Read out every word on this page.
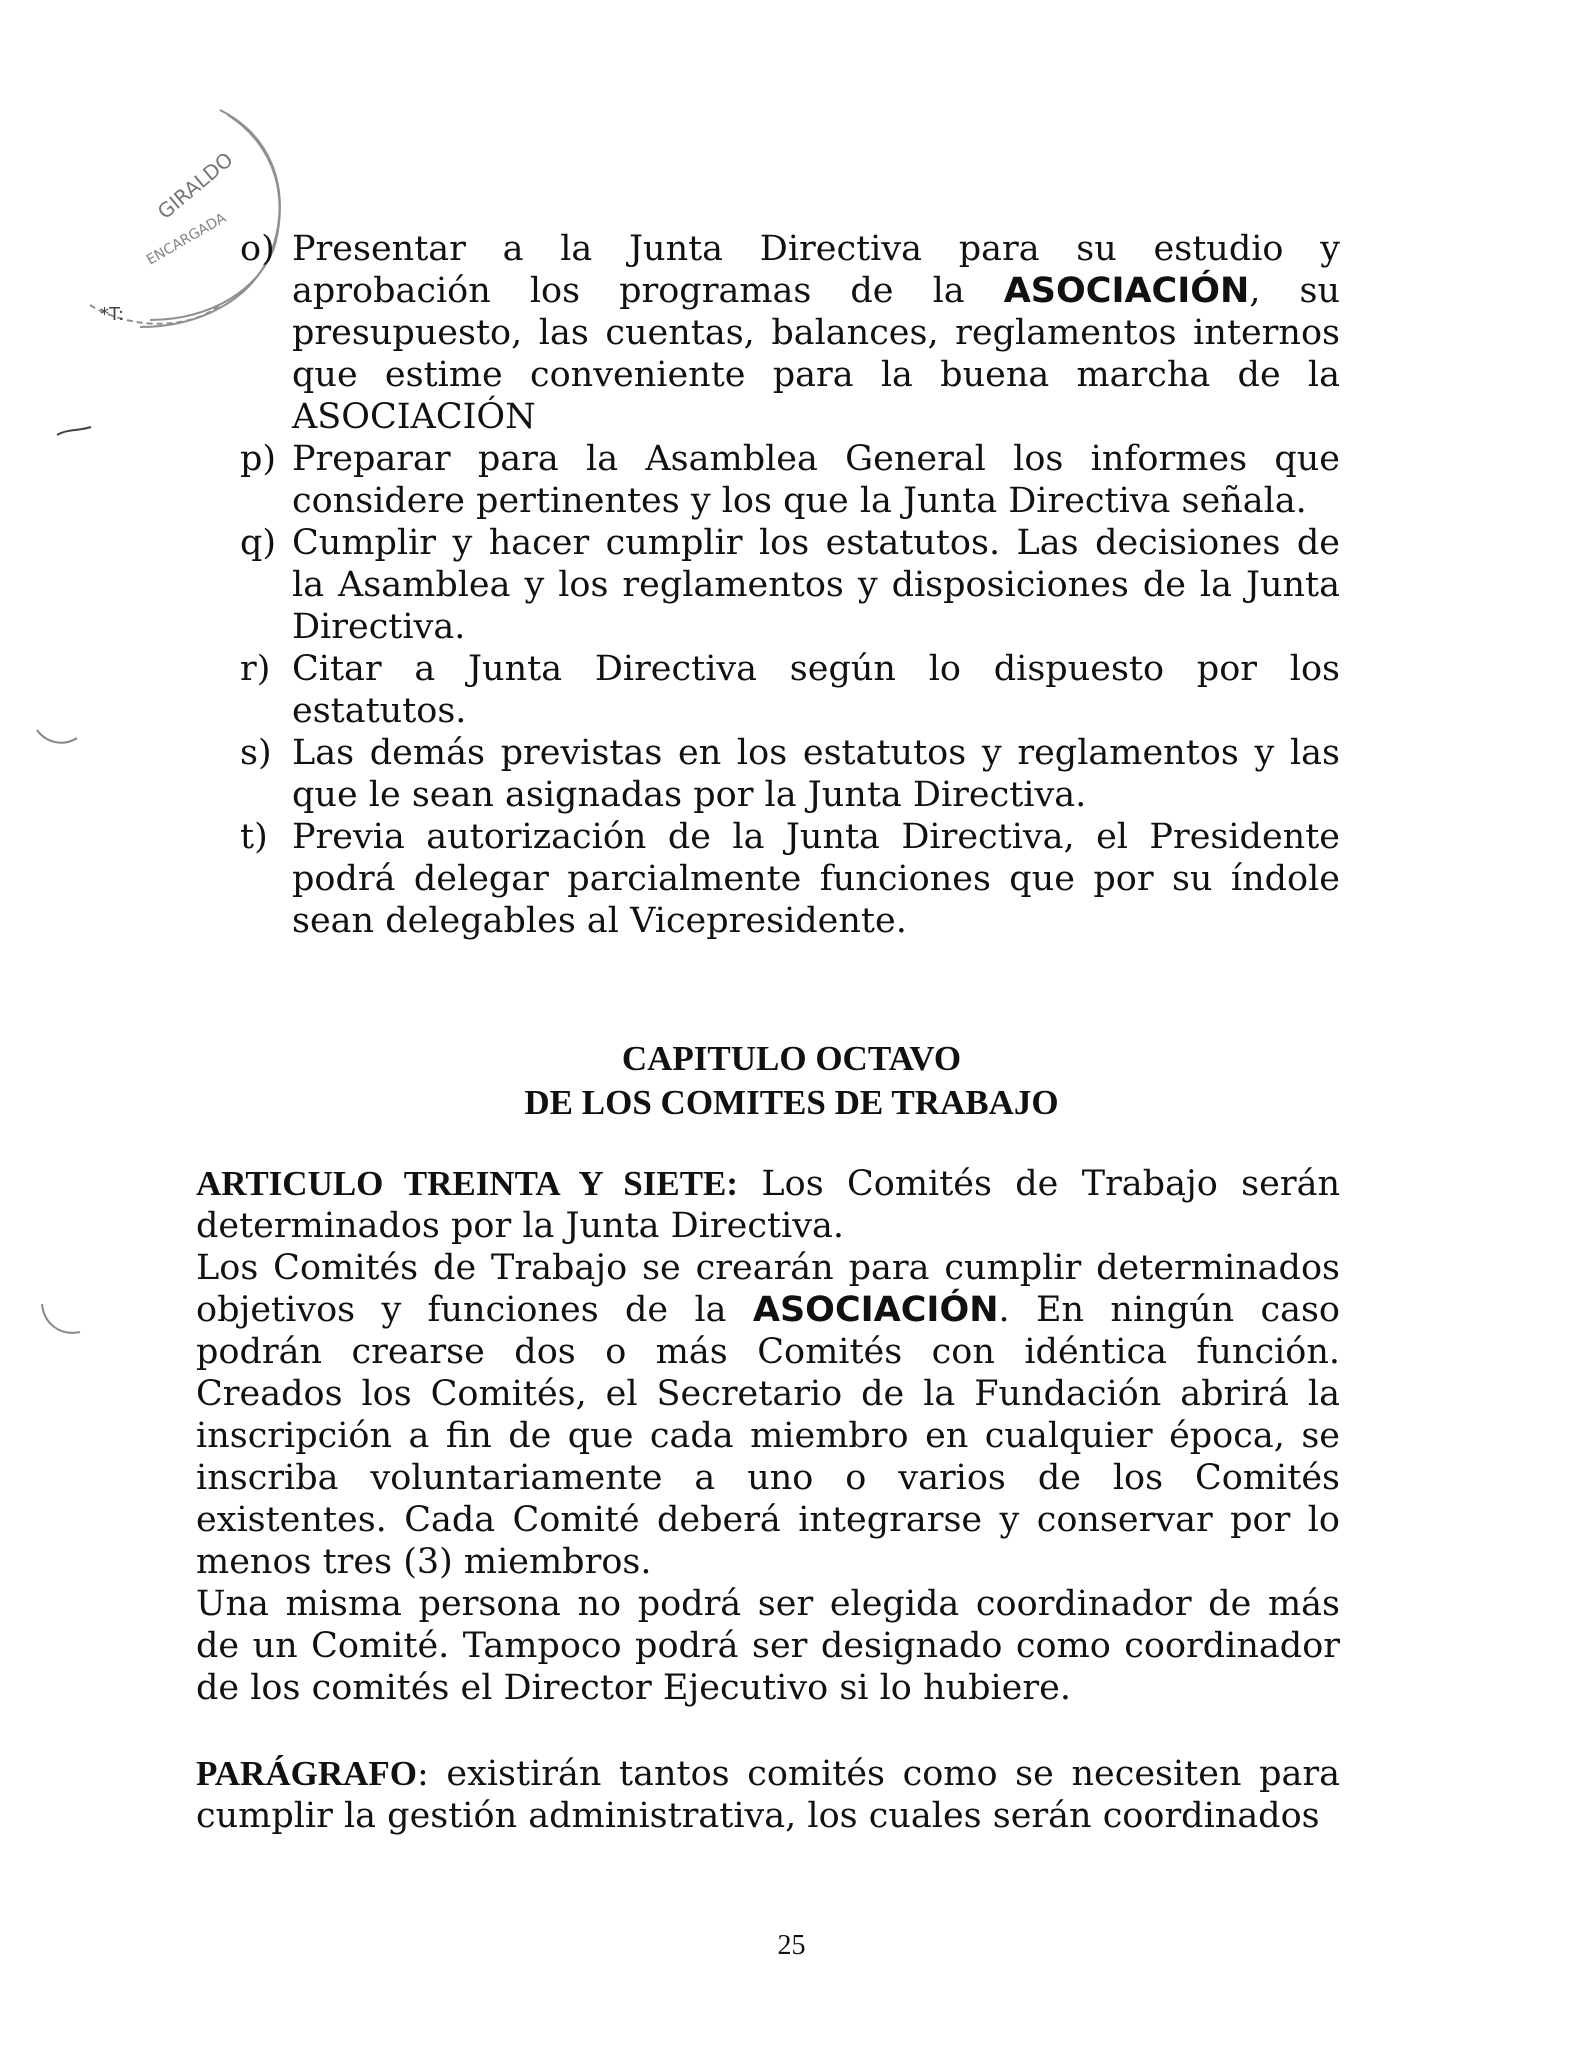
GIRALDO
ENCARGADA
*T:
o) Presentar a la Junta Directiva para su estudio y aprobación los programas de la ASOCIACIÓN, su presupuesto, las cuentas, balances, reglamentos internos que estime conveniente para la buena marcha de la ASOCIACIÓN
p) Preparar para la Asamblea General los informes que considere pertinentes y los que la Junta Directiva señala.
q) Cumplir y hacer cumplir los estatutos. Las decisiones de la Asamblea y los reglamentos y disposiciones de la Junta Directiva.
r) Citar a Junta Directiva según lo dispuesto por los estatutos.
s) Las demás previstas en los estatutos y reglamentos y las que le sean asignadas por la Junta Directiva.
t) Previa autorización de la Junta Directiva, el Presidente podrá delegar parcialmente funciones que por su índole sean delegables al Vicepresidente.
CAPITULO OCTAVO
DE LOS COMITES DE TRABAJO

ARTICULO TREINTA Y SIETE: Los Comités de Trabajo serán determinados por la Junta Directiva.

Los Comités de Trabajo se crearán para cumplir determinados objetivos y funciones de la ASOCIACIÓN. En ningún caso podrán crearse dos o más Comités con idéntica función. Creados los Comités, el Secretario de la Fundación abrirá la inscripción a fin de que cada miembro en cualquier época, se inscriba voluntariamente a uno o varios de los Comités existentes. Cada Comité deberá integrarse y conservar por lo menos tres (3) miembros.

Una misma persona no podrá ser elegida coordinador de más de un Comité. Tampoco podrá ser designado como coordinador de los comités el Director Ejecutivo si lo hubiere.

PARÁGRAFO: existirán tantos comités como se necesiten para cumplir la gestión administrativa, los cuales serán coordinados

25
